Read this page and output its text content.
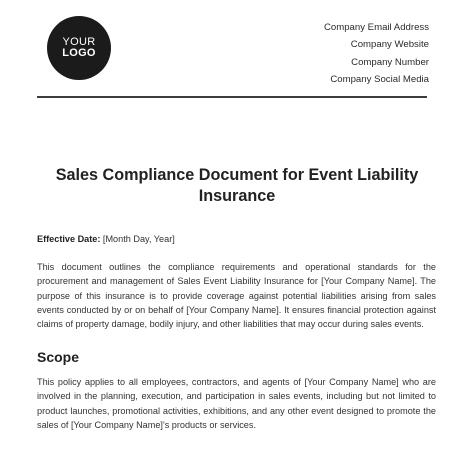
YOUR
LOGO
Company Email Address
Company Website
Company Number
Company Social Media
Sales Compliance Document for Event Liability Insurance

Effective Date: [Month Day, Year]

This document outlines the compliance requirements and operational standards for the procurement and management of Sales Event Liability Insurance for [Your Company Name]. The purpose of this insurance is to provide coverage against potential liabilities arising from sales events conducted by or on behalf of [Your Company Name]. It ensures financial protection against claims of property damage, bodily injury, and other liabilities that may occur during sales events.

Scope

This policy applies to all employees, contractors, and agents of [Your Company Name] who are involved in the planning, execution, and participation in sales events, including but not limited to product launches, promotional activities, exhibitions, and any other event designed to promote the sales of [Your Company Name]'s products or services.
